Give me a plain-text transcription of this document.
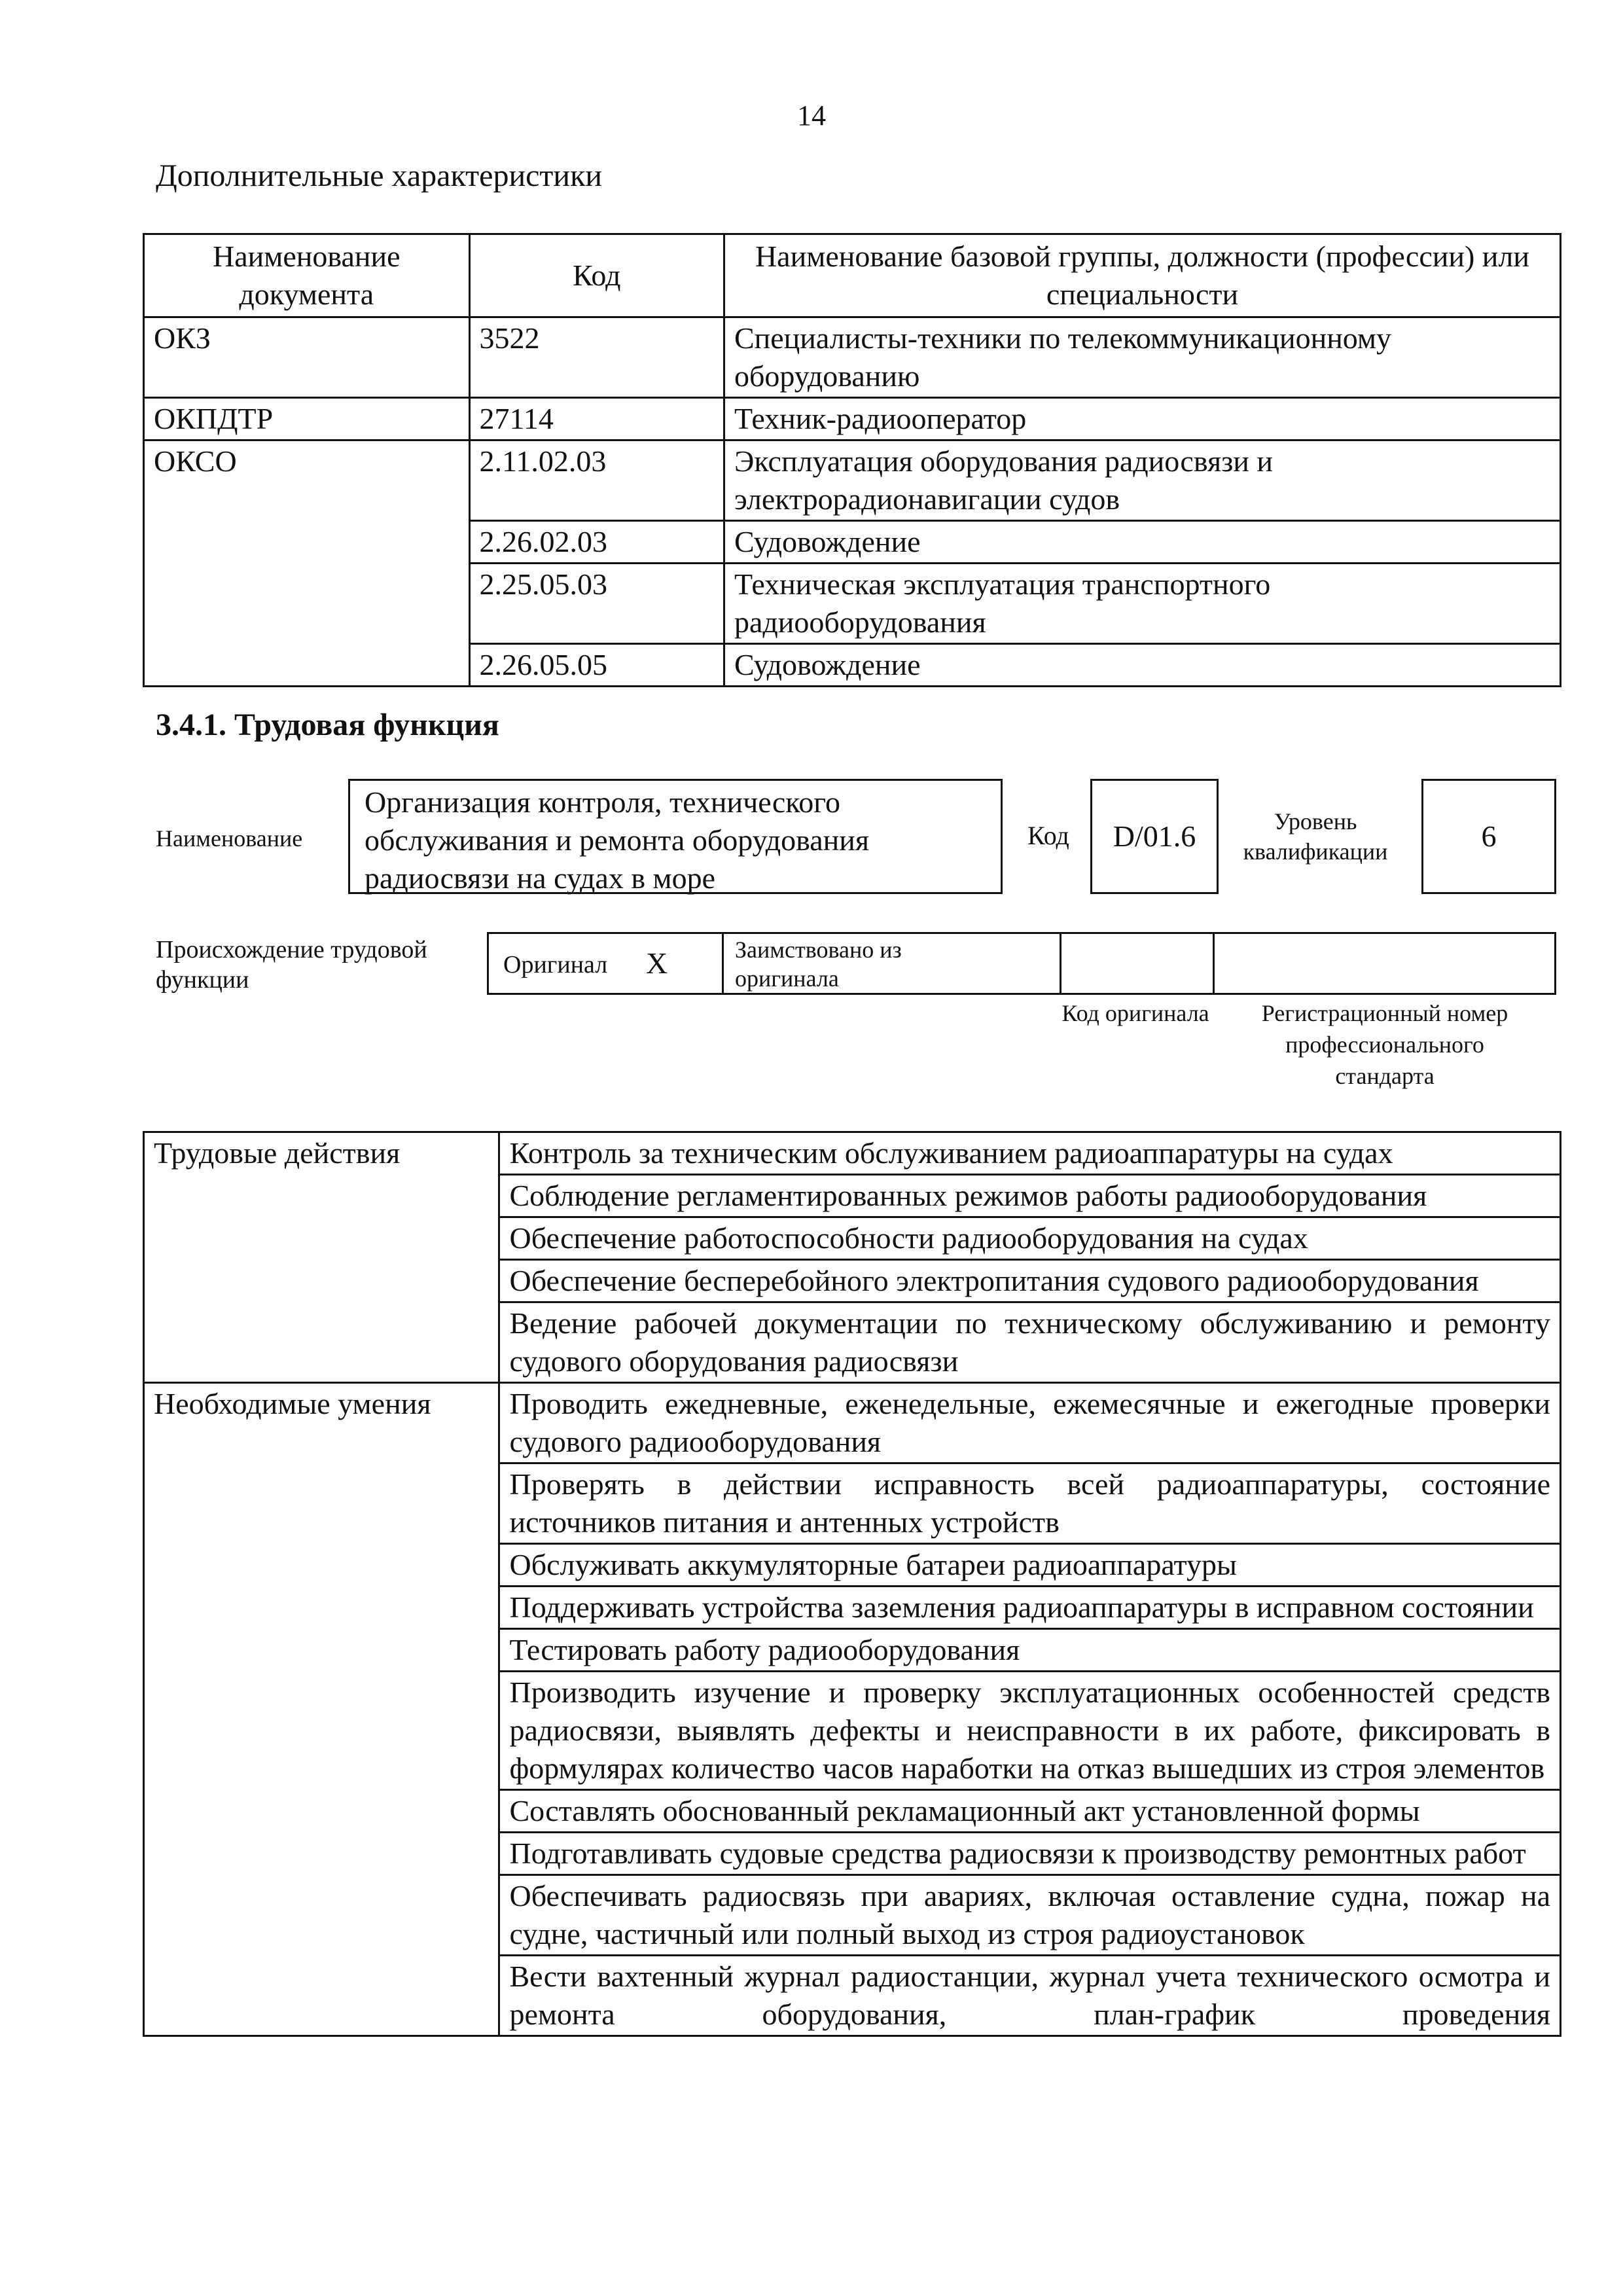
14
Дополнительные характеристики
Наименование документа	Код	Наименование базовой группы, должности (профессии) или специальности
ОКЗ	3522	Специалисты-техники по телекоммуникационному оборудованию
ОКПДТР	27114	Техник-радиооператор
ОКСО	2.11.02.03	Эксплуатация оборудования радиосвязи и электрорадионавигации судов
	2.26.02.03	Судовождение
	2.25.05.03	Техническая эксплуатация транспортного радиооборудования
	2.26.05.05	Судовождение
3.4.1. Трудовая функция
Наименование
Организация контроля, технического обслуживания и ремонта оборудования радиосвязи на судах в море
Код	D/01.6	Уровень квалификации	6
Происхождение трудовой функции
Оригинал X	Заимствовано из оригинала
Код оригинала	Регистрационный номер профессионального стандарта
Трудовые действия	Контроль за техническим обслуживанием радиоаппаратуры на судах
	Соблюдение регламентированных режимов работы радиооборудования
	Обеспечение работоспособности радиооборудования на судах
	Обеспечение бесперебойного электропитания судового радиооборудования
	Ведение рабочей документации по техническому обслуживанию и ремонту судового оборудования радиосвязи
Необходимые умения	Проводить ежедневные, еженедельные, ежемесячные и ежегодные проверки судового радиооборудования
	Проверять в действии исправность всей радиоаппаратуры, состояние источников питания и антенных устройств
	Обслуживать аккумуляторные батареи радиоаппаратуры
	Поддерживать устройства заземления радиоаппаратуры в исправном состоянии
	Тестировать работу радиооборудования
	Производить изучение и проверку эксплуатационных особенностей средств радиосвязи, выявлять дефекты и неисправности в их работе, фиксировать в формулярах количество часов наработки на отказ вышедших из строя элементов
	Составлять обоснованный рекламационный акт установленной формы
	Подготавливать судовые средства радиосвязи к производству ремонтных работ
	Обеспечивать радиосвязь при авариях, включая оставление судна, пожар на судне, частичный или полный выход из строя радиоустановок
	Вести вахтенный журнал радиостанции, журнал учета технического осмотра и ремонта оборудования, план-график проведения
